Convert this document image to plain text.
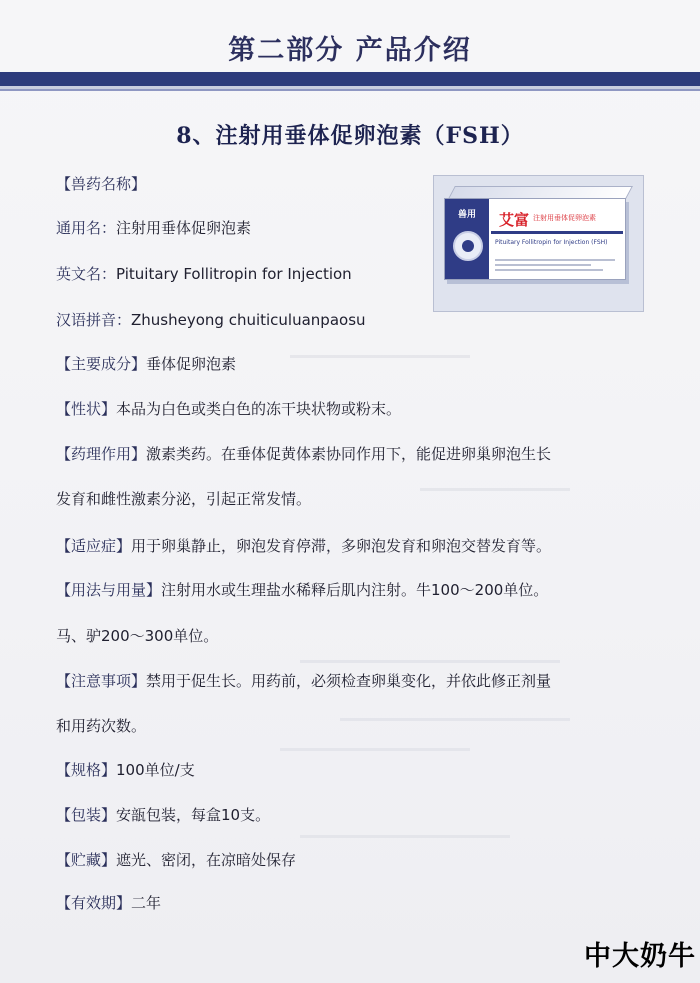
第二部分 产品介绍
8、注射用垂体促卵泡素（FSH）
兽用	艾富 注射用垂体促卵泡素
Pituitary Follitropin for Injection (FSH)
【兽药名称】
通用名：注射用垂体促卵泡素
英文名：Pituitary Follitropin for Injection
汉语拼音：Zhusheyong chuiticuluanpaosu
【主要成分】垂体促卵泡素
【性状】本品为白色或类白色的冻干块状物或粉末。
【药理作用】激素类药。在垂体促黄体素协同作用下，能促进卵巢卵泡生长
发育和雌性激素分泌，引起正常发情。
【适应症】用于卵巢静止，卵泡发育停滞，多卵泡发育和卵泡交替发育等。
【用法与用量】注射用水或生理盐水稀释后肌内注射。牛100～200单位。
马、驴200～300单位。
【注意事项】禁用于促生长。用药前，必须检查卵巢变化，并依此修正剂量
和用药次数。
【规格】100单位/支
【包装】安瓿包装，每盒10支。
【贮藏】遮光、密闭，在凉暗处保存
【有效期】二年
中大奶牛
